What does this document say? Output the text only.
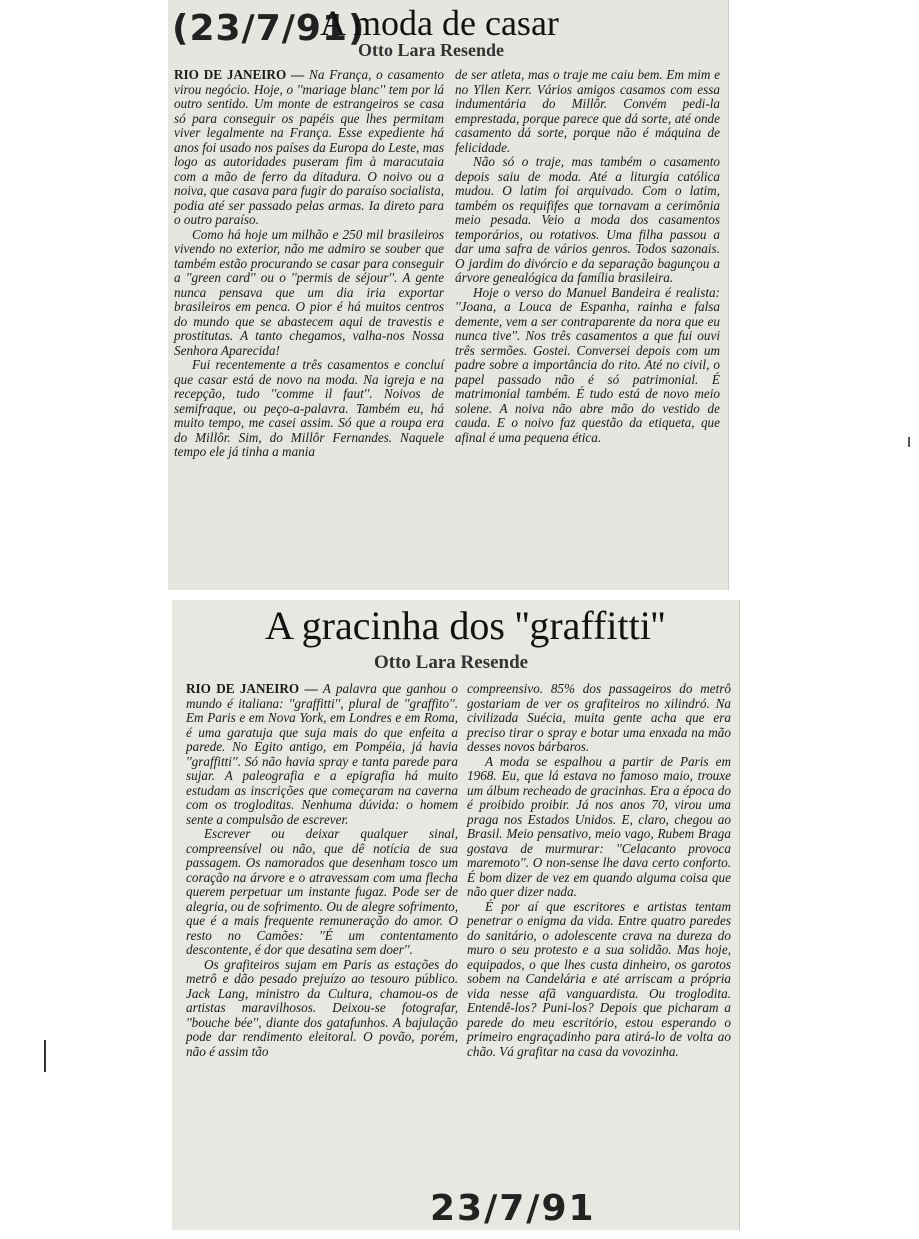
(23/7/91)
A moda de casar
Otto Lara Resende

RIO DE JANEIRO — Na França, o casamento virou negócio. Hoje, o ''mariage blanc'' tem por lá outro sentido. Um monte de estrangeiros se casa só para conseguir os papéis que lhes permitam viver legalmente na França. Esse expediente há anos foi usado nos países da Europa do Leste, mas logo as autoridades puseram fim à maracutaia com a mão de ferro da ditadura. O noivo ou a noiva, que casava para fugir do paraíso socialista, podia até ser passado pelas armas. Ia direto para o outro paraíso.

Como há hoje um milhão e 250 mil brasileiros vivendo no exterior, não me admiro se souber que também estão procurando se casar para conseguir a ''green card'' ou o ''permis de séjour''. A gente nunca pensava que um dia iria exportar brasileiros em penca. O pior é há muitos centros do mundo que se abastecem aqui de travestis e prostitutas. A tanto chegamos, valha-nos Nossa Senhora Aparecida!

Fui recentemente a três casamentos e concluí que casar está de novo na moda. Na igreja e na recepção, tudo ''comme il faut''. Noivos de semifraque, ou peço-a-palavra. Também eu, há muito tempo, me casei assim. Só que a roupa era do Millôr. Sim, do Millôr Fernandes. Naquele tempo ele já tinha a mania

de ser atleta, mas o traje me caiu bem. Em mim e no Yllen Kerr. Vários amigos casamos com essa indumentária do Millôr. Convém pedi-la emprestada, porque parece que dá sorte, até onde casamento dá sorte, porque não é máquina de felicidade.

Não só o traje, mas também o casamento depois saiu de moda. Até a liturgia católica mudou. O latim foi arquivado. Com o latim, também os requififes que tornavam a cerimônia meio pesada. Veio a moda dos casamentos temporários, ou rotativos. Uma filha passou a dar uma safra de vários genros. Todos sazonais. O jardim do divórcio e da separação bagunçou a árvore genealógica da família brasileira.

Hoje o verso do Manuel Bandeira é realista: ''Joana, a Louca de Espanha, rainha e falsa demente, vem a ser contraparente da nora que eu nunca tive''. Nos três casamentos a que fui ouvi três sermões. Gostei. Conversei depois com um padre sobre a importância do rito. Até no civil, o papel passado não é só patrimonial. É matrimonial também. É tudo está de novo meio solene. A noiva não abre mão do vestido de cauda. E o noivo faz questão da etiqueta, que afinal é uma pequena ética.

A gracinha dos ''graffitti''
Otto Lara Resende

RIO DE JANEIRO — A palavra que ganhou o mundo é italiana: ''graffitti'', plural de ''graffito''. Em Paris e em Nova York, em Londres e em Roma, é uma garatuja que suja mais do que enfeita a parede. No Egito antigo, em Pompéia, já havia ''graffitti''. Só não havia spray e tanta parede para sujar. A paleografia e a epigrafia há muito estudam as inscrições que começaram na caverna com os trogloditas. Nenhuma dúvida: o homem sente a compulsão de escrever.

Escrever ou deixar qualquer sinal, compreensível ou não, que dê notícia de sua passagem. Os namorados que desenham tosco um coração na árvore e o atravessam com uma flecha querem perpetuar um instante fugaz. Pode ser de alegria, ou de sofrimento. Ou de alegre sofrimento, que é a mais frequente remuneração do amor. O resto no Camões: ''É um contentamento descontente, é dor que desatina sem doer''.

Os grafiteiros sujam em Paris as estações do metrô e dão pesado prejuízo ao tesouro público. Jack Lang, ministro da Cultura, chamou-os de artistas maravilhosos. Deixou-se fotografar, ''bouche bée'', diante dos gatafunhos. A bajulação pode dar rendimento eleitoral. O povão, porém, não é assim tão

compreensivo. 85% dos passageiros do metrô gostariam de ver os grafiteiros no xilindró. Na civilizada Suécia, muita gente acha que era preciso tirar o spray e botar uma enxada na mão desses novos bárbaros.

A moda se espalhou a partir de Paris em 1968. Eu, que lá estava no famoso maio, trouxe um álbum recheado de gracinhas. Era a época do é proibido proibir. Já nos anos 70, virou uma praga nos Estados Unidos. E, claro, chegou ao Brasil. Meio pensativo, meio vago, Rubem Braga gostava de murmurar: ''Celacanto provoca maremoto''. O non-sense lhe dava certo conforto. É bom dizer de vez em quando alguma coisa que não quer dizer nada.

É por aí que escritores e artistas tentam penetrar o enigma da vida. Entre quatro paredes do sanitário, o adolescente crava na dureza do muro o seu protesto e a sua solidão. Mas hoje, equipados, o que lhes custa dinheiro, os garotos sobem na Candelária e até arriscam a própria vida nesse afã vanguardista. Ou troglodita. Entendê-los? Puni-los? Depois que picharam a parede do meu escritório, estou esperando o primeiro engraçadinho para atirá-lo de volta ao chão. Vá grafitar na casa da vovozinha.

23/7/91
